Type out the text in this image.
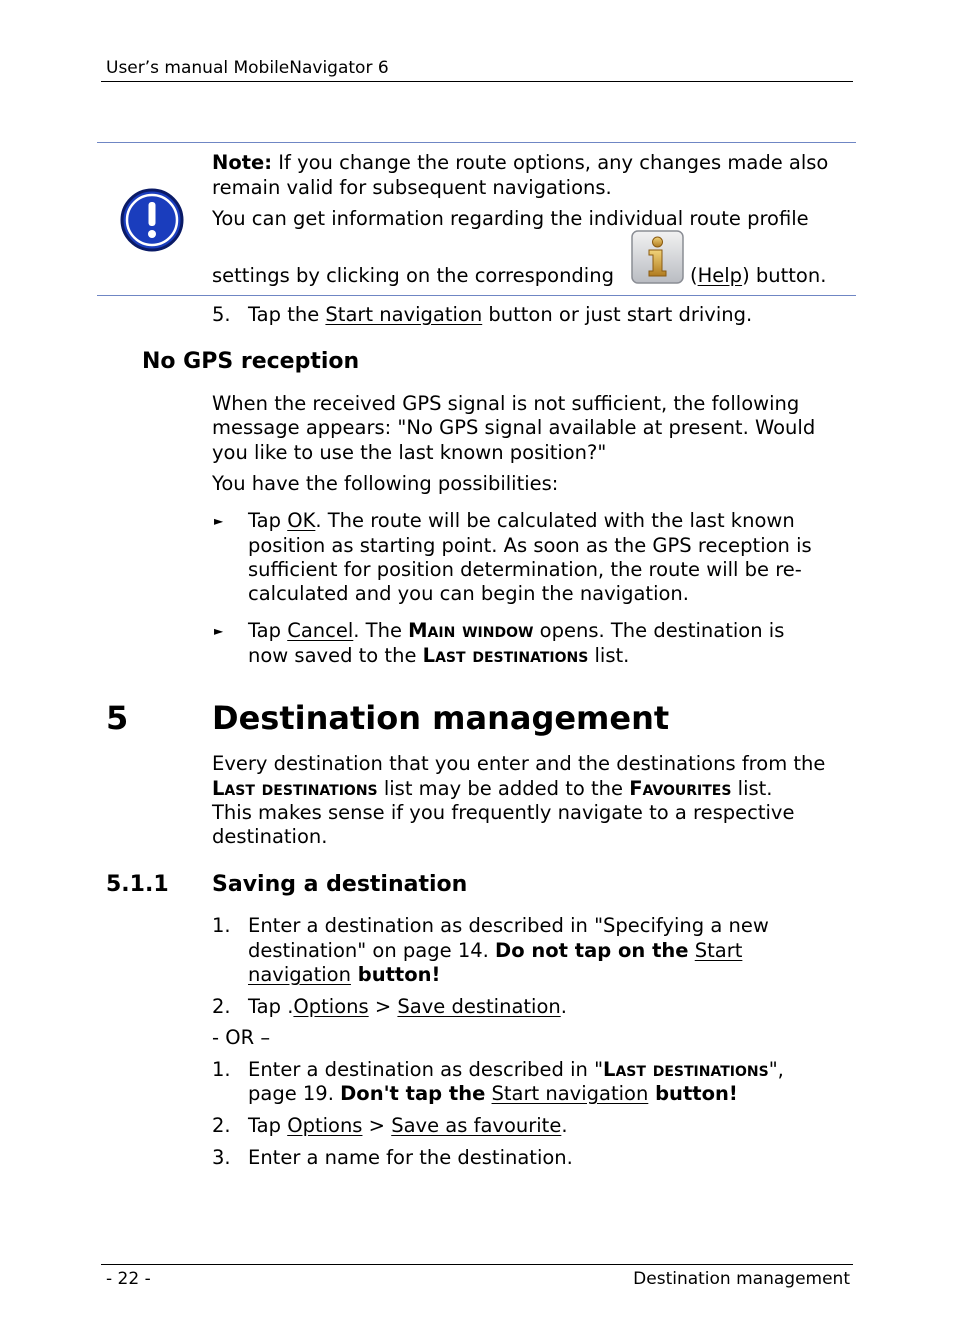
User’s manual MobileNavigator 6
Note: If you change the route options, any changes made also
remain valid for subsequent navigations.
You can get information regarding the individual route profile
settings by clicking on the corresponding	(Help) button.
5. Tap the Start navigation button or just start driving.
No GPS reception
When the received GPS signal is not sufficient, the following
message appears: "No GPS signal available at present. Would
you like to use the last known position?"
You have the following possibilities:
► Tap OK. The route will be calculated with the last known
position as starting point. As soon as the GPS reception is
sufficient for position determination, the route will be re-
calculated and you can begin the navigation.
► Tap Cancel. The Main window opens. The destination is
now saved to the Last destinations list.
5	Destination management
Every destination that you enter and the destinations from the
Last destinations list may be added to the Favourites list.
This makes sense if you frequently navigate to a respective
destination.
5.1.1 Saving a destination
1. Enter a destination as described in "Specifying a new
destination" on page 14. Do not tap on the Start
navigation button!
2. Tap .Options > Save destination.
- OR –
1. Enter a destination as described in "Last destinations",
page 19. Don't tap the Start navigation button!
2. Tap Options > Save as favourite.
3. Enter a name for the destination.
- 22 -	Destination management
